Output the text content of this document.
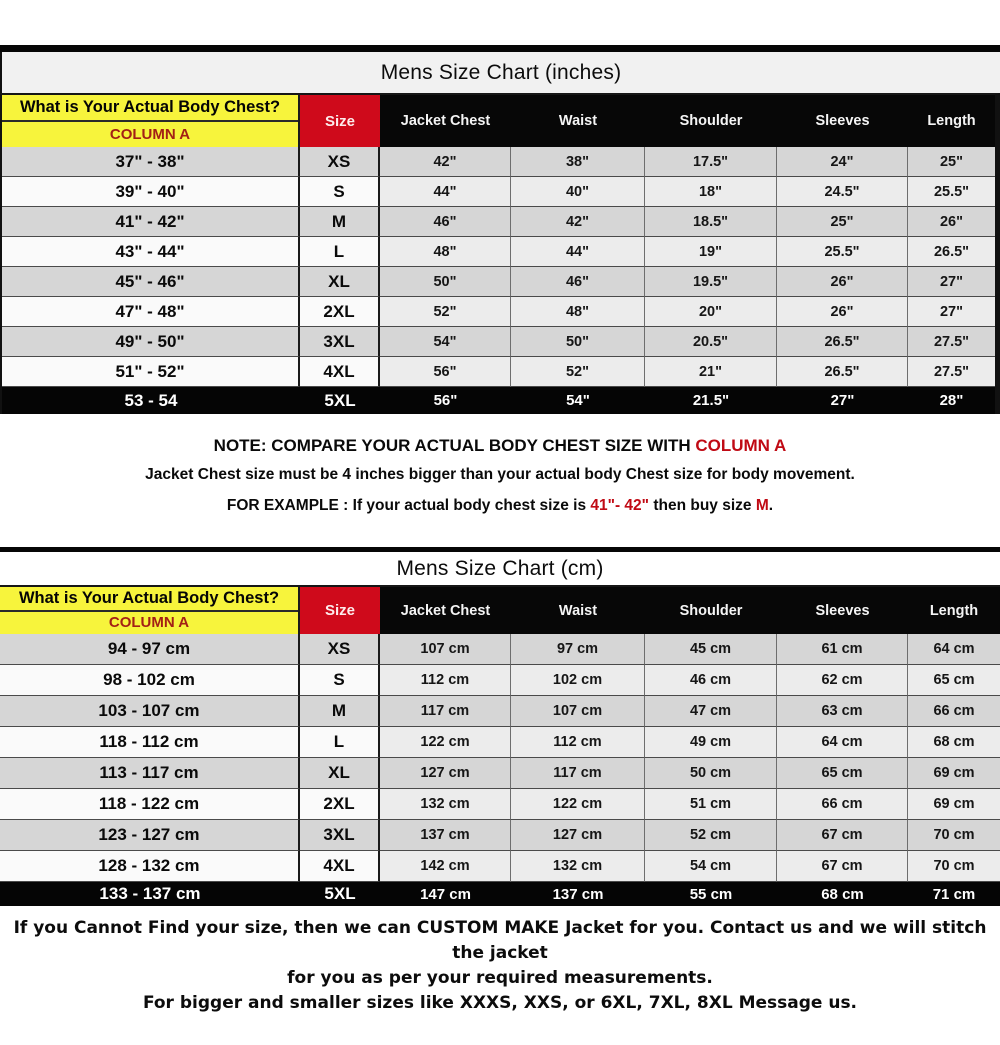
Mens Size Chart (inches)
What is Your Actual Body Chest?
COLUMN A
Size	Jacket Chest	Waist	Shoulder	Sleeves	Length
37" - 38"	XS	42"	38"	17.5"	24"	25"
39" - 40"	S	44"	40"	18"	24.5"	25.5"
41" - 42"	M	46"	42"	18.5"	25"	26"
43" - 44"	L	48"	44"	19"	25.5"	26.5"
45" - 46"	XL	50"	46"	19.5"	26"	27"
47" - 48"	2XL	52"	48"	20"	26"	27"
49" - 50"	3XL	54"	50"	20.5"	26.5"	27.5"
51" - 52"	4XL	56"	52"	21"	26.5"	27.5"
53 - 54	5XL	56"	54"	21.5"	27"	28"
NOTE: COMPARE YOUR ACTUAL BODY CHEST SIZE WITH COLUMN A
Jacket Chest size must be 4 inches bigger than your actual body Chest size for body movement.
FOR EXAMPLE : If your actual body chest size is 41"- 42" then buy size M.
Mens Size Chart (cm)
What is Your Actual Body Chest?
COLUMN A
Size	Jacket Chest	Waist	Shoulder	Sleeves	Length
94 - 97 cm	XS	107 cm	97 cm	45 cm	61 cm	64 cm
98 - 102 cm	S	112 cm	102 cm	46 cm	62 cm	65 cm
103 - 107 cm	M	117 cm	107 cm	47 cm	63 cm	66 cm
118 - 112 cm	L	122 cm	112 cm	49 cm	64 cm	68 cm
113 - 117 cm	XL	127 cm	117 cm	50 cm	65 cm	69 cm
118 - 122 cm	2XL	132 cm	122 cm	51 cm	66 cm	69 cm
123 - 127 cm	3XL	137 cm	127 cm	52 cm	67 cm	70 cm
128 - 132 cm	4XL	142 cm	132 cm	54 cm	67 cm	70 cm
133 - 137 cm	5XL	147 cm	137 cm	55 cm	68 cm	71 cm
If you Cannot Find your size, then we can CUSTOM MAKE Jacket for you. Contact us and we will stitch the jacket
for you as per your required measurements.
For bigger and smaller sizes like XXXS, XXS, or 6XL, 7XL, 8XL Message us.
